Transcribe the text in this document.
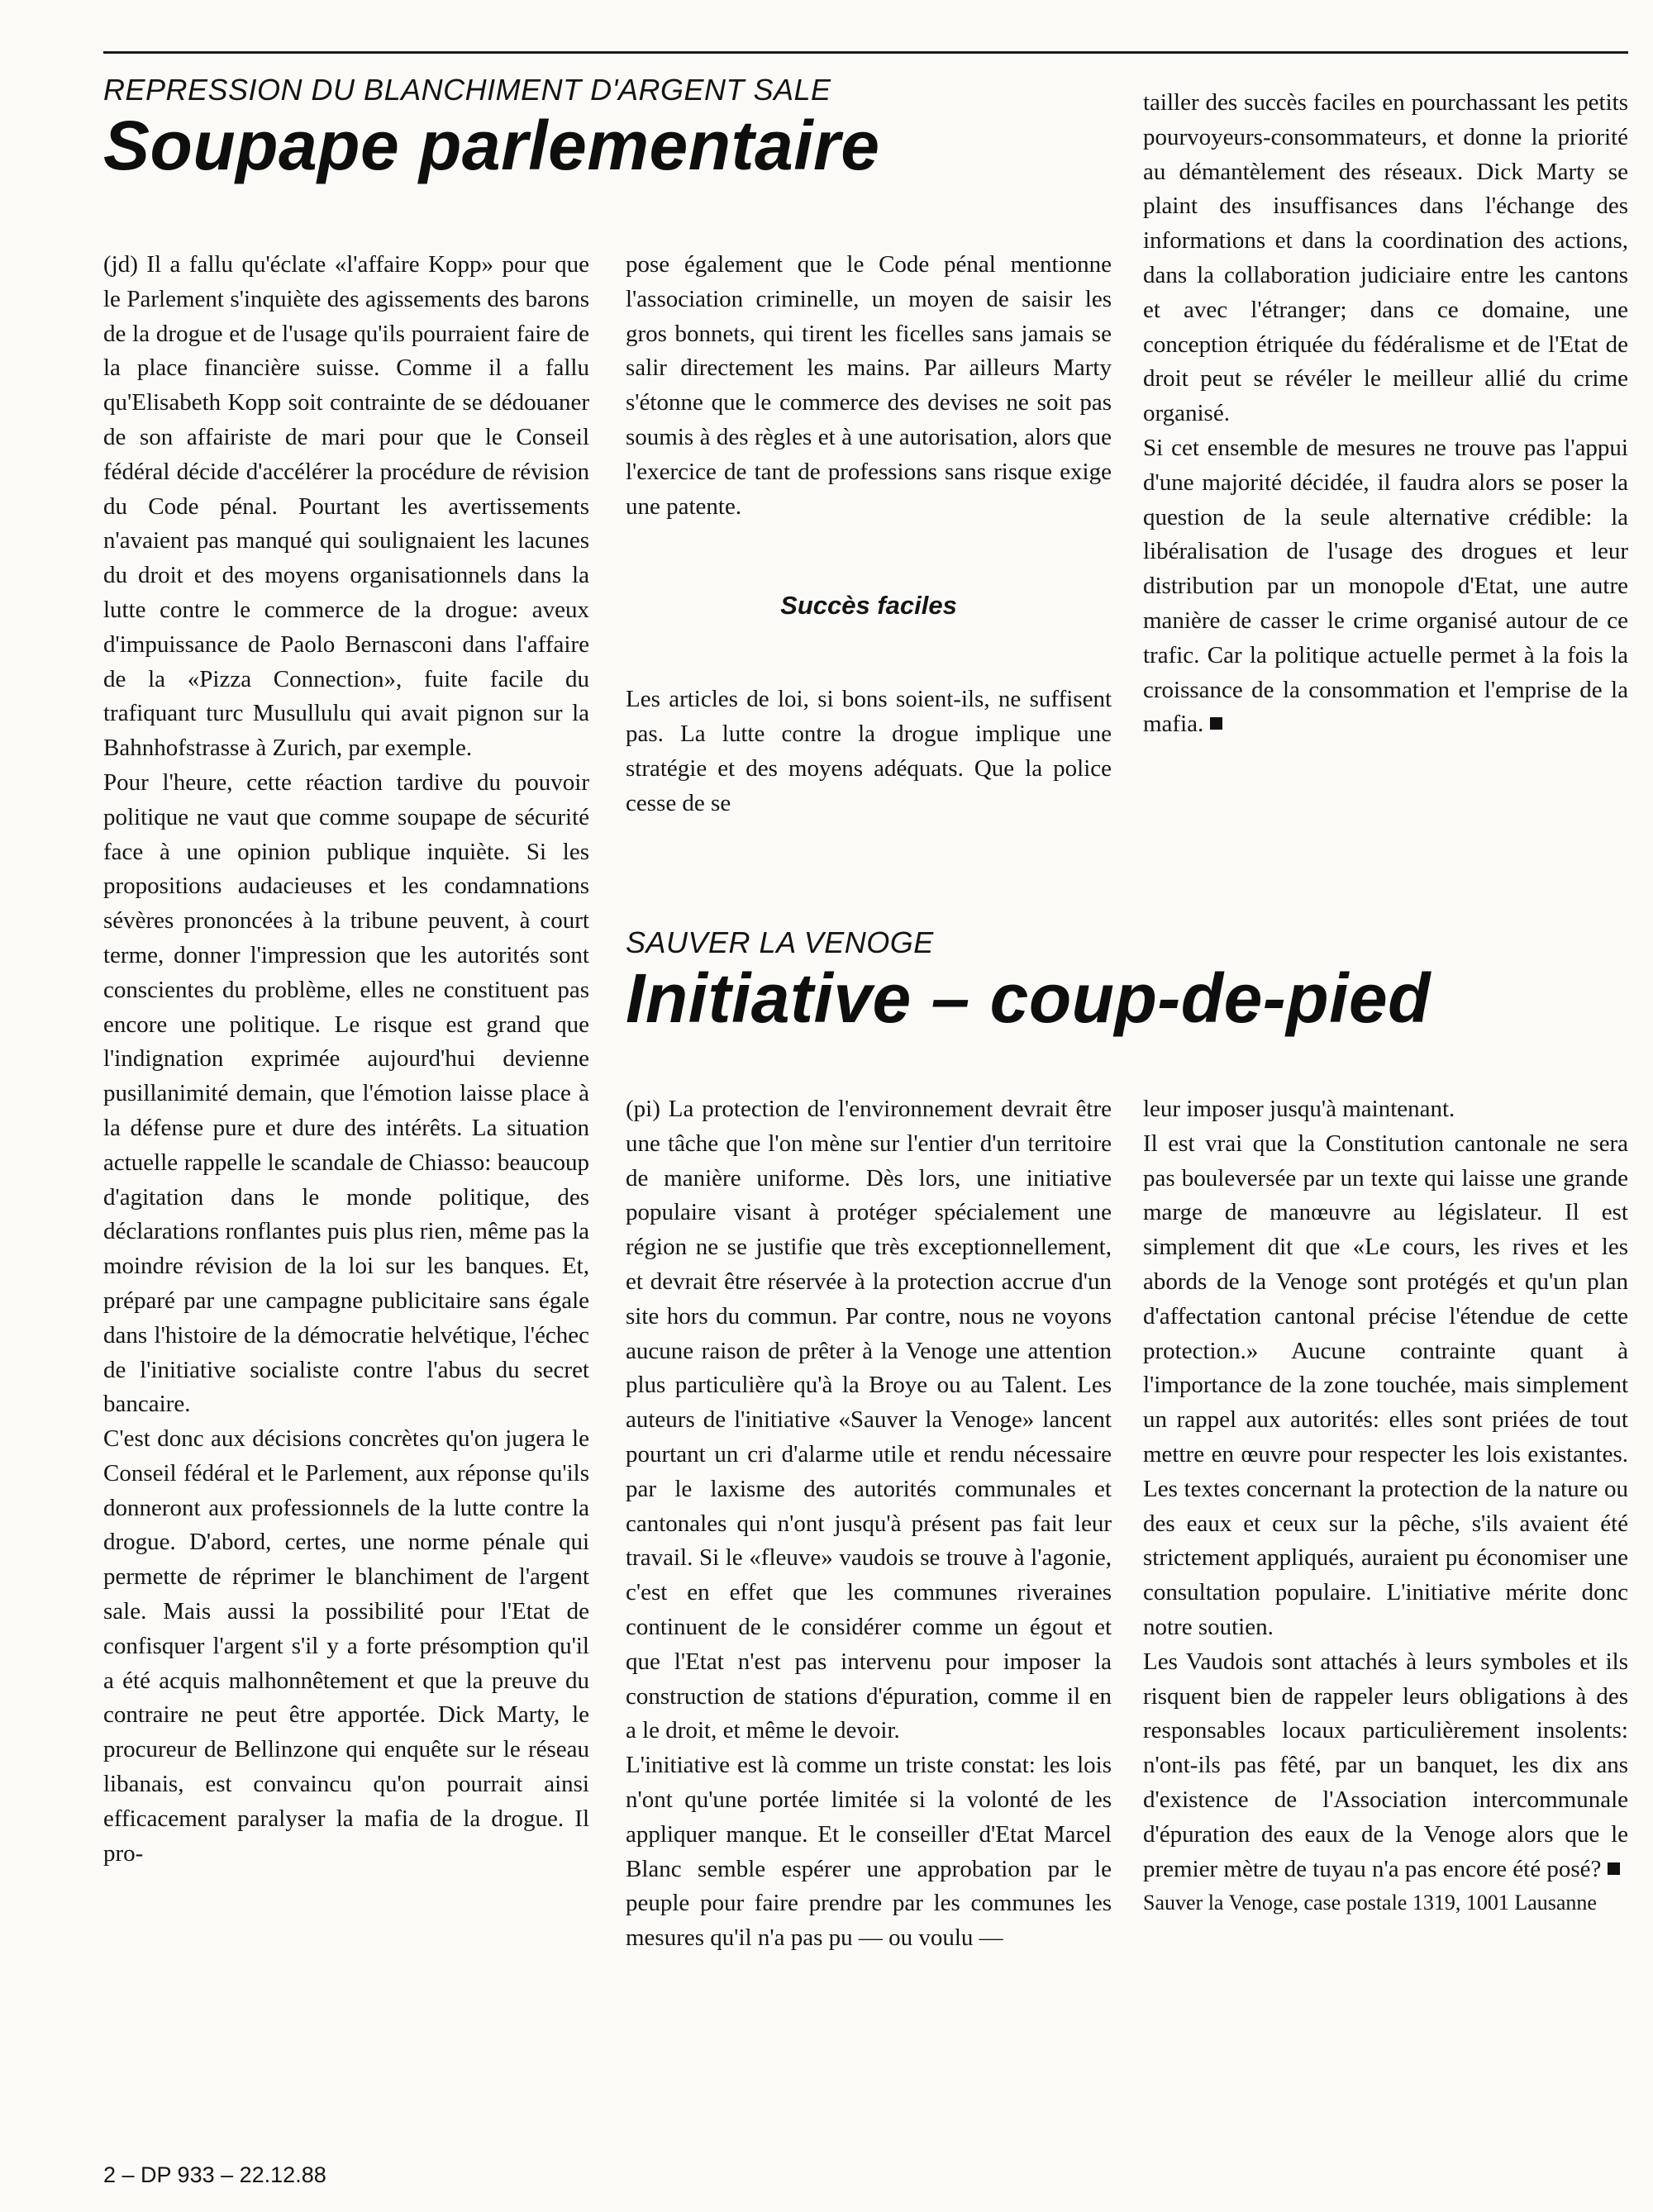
REPRESSION DU BLANCHIMENT D'ARGENT SALE
Soupape parlementaire

(jd) Il a fallu qu'éclate «l'affaire Kopp» pour que le Parlement s'inquiète des agissements des barons de la drogue et de l'usage qu'ils pourraient faire de la place financière suisse. Comme il a fallu qu'Elisabeth Kopp soit contrainte de se dédouaner de son affairiste de mari pour que le Conseil fédéral décide d'accélérer la procédure de révision du Code pénal. Pourtant les avertissements n'avaient pas manqué qui soulignaient les lacunes du droit et des moyens organisationnels dans la lutte contre le commerce de la drogue: aveux d'impuissance de Paolo Bernasconi dans l'affaire de la «Pizza Connection», fuite facile du trafiquant turc Musullulu qui avait pignon sur la Bahnhofstrasse à Zurich, par exemple.

Pour l'heure, cette réaction tardive du pouvoir politique ne vaut que comme soupape de sécurité face à une opinion publique inquiète. Si les propositions audacieuses et les condamnations sévères prononcées à la tribune peuvent, à court terme, donner l'impression que les autorités sont conscientes du problème, elles ne constituent pas encore une politique. Le risque est grand que l'indignation exprimée aujourd'hui devienne pusillanimité demain, que l'émotion laisse place à la défense pure et dure des intérêts. La situation actuelle rappelle le scandale de Chiasso: beaucoup d'agitation dans le monde politique, des déclarations ronflantes puis plus rien, même pas la moindre révision de la loi sur les banques. Et, préparé par une campagne publicitaire sans égale dans l'histoire de la démocratie helvétique, l'échec de l'initiative socialiste contre l'abus du secret bancaire.

C'est donc aux décisions concrètes qu'on jugera le Conseil fédéral et le Parlement, aux réponse qu'ils donneront aux professionnels de la lutte contre la drogue. D'abord, certes, une norme pénale qui permette de réprimer le blanchiment de l'argent sale. Mais aussi la possibilité pour l'Etat de confisquer l'argent s'il y a forte présomption qu'il a été acquis malhonnêtement et que la preuve du contraire ne peut être apportée. Dick Marty, le procureur de Bellinzone qui enquête sur le réseau libanais, est convaincu qu'on pourrait ainsi efficacement paralyser la mafia de la drogue. Il pro-

pose également que le Code pénal mentionne l'association criminelle, un moyen de saisir les gros bonnets, qui tirent les ficelles sans jamais se salir directement les mains. Par ailleurs Marty s'étonne que le commerce des devises ne soit pas soumis à des règles et à une autorisation, alors que l'exercice de tant de professions sans risque exige une patente.

Succès faciles

Les articles de loi, si bons soient-ils, ne suffisent pas. La lutte contre la drogue implique une stratégie et des moyens adéquats. Que la police cesse de se

tailler des succès faciles en pourchassant les petits pourvoyeurs-consommateurs, et donne la priorité au démantèlement des réseaux. Dick Marty se plaint des insuffisances dans l'échange des informations et dans la coordination des actions, dans la collaboration judiciaire entre les cantons et avec l'étranger; dans ce domaine, une conception étriquée du fédéralisme et de l'Etat de droit peut se révéler le meilleur allié du crime organisé.

Si cet ensemble de mesures ne trouve pas l'appui d'une majorité décidée, il faudra alors se poser la question de la seule alternative crédible: la libéralisation de l'usage des drogues et leur distribution par un monopole d'Etat, une autre manière de casser le crime organisé autour de ce trafic. Car la politique actuelle permet à la fois la croissance de la consommation et l'emprise de la mafia.

SAUVER LA VENOGE
Initiative – coup-de-pied

(pi) La protection de l'environnement devrait être une tâche que l'on mène sur l'entier d'un territoire de manière uniforme. Dès lors, une initiative populaire visant à protéger spécialement une région ne se justifie que très exceptionnellement, et devrait être réservée à la protection accrue d'un site hors du commun. Par contre, nous ne voyons aucune raison de prêter à la Venoge une attention plus particulière qu'à la Broye ou au Talent. Les auteurs de l'initiative «Sauver la Venoge» lancent pourtant un cri d'alarme utile et rendu nécessaire par le laxisme des autorités communales et cantonales qui n'ont jusqu'à présent pas fait leur travail. Si le «fleuve» vaudois se trouve à l'agonie, c'est en effet que les communes riveraines continuent de le considérer comme un égout et que l'Etat n'est pas intervenu pour imposer la construction de stations d'épuration, comme il en a le droit, et même le devoir.

L'initiative est là comme un triste constat: les lois n'ont qu'une portée limitée si la volonté de les appliquer manque. Et le conseiller d'Etat Marcel Blanc semble espérer une approbation par le peuple pour faire prendre par les communes les mesures qu'il n'a pas pu — ou voulu —

leur imposer jusqu'à maintenant.

Il est vrai que la Constitution cantonale ne sera pas bouleversée par un texte qui laisse une grande marge de manœuvre au législateur. Il est simplement dit que «Le cours, les rives et les abords de la Venoge sont protégés et qu'un plan d'affectation cantonal précise l'étendue de cette protection.» Aucune contrainte quant à l'importance de la zone touchée, mais simplement un rappel aux autorités: elles sont priées de tout mettre en œuvre pour respecter les lois existantes. Les textes concernant la protection de la nature ou des eaux et ceux sur la pêche, s'ils avaient été strictement appliqués, auraient pu économiser une consultation populaire. L'initiative mérite donc notre soutien.

Les Vaudois sont attachés à leurs symboles et ils risquent bien de rappeler leurs obligations à des responsables locaux particulièrement insolents: n'ont-ils pas fêté, par un banquet, les dix ans d'existence de l'Association intercommunale d'épuration des eaux de la Venoge alors que le premier mètre de tuyau n'a pas encore été posé?

Sauver la Venoge, case postale 1319, 1001 Lausanne

2 – DP 933 – 22.12.88
